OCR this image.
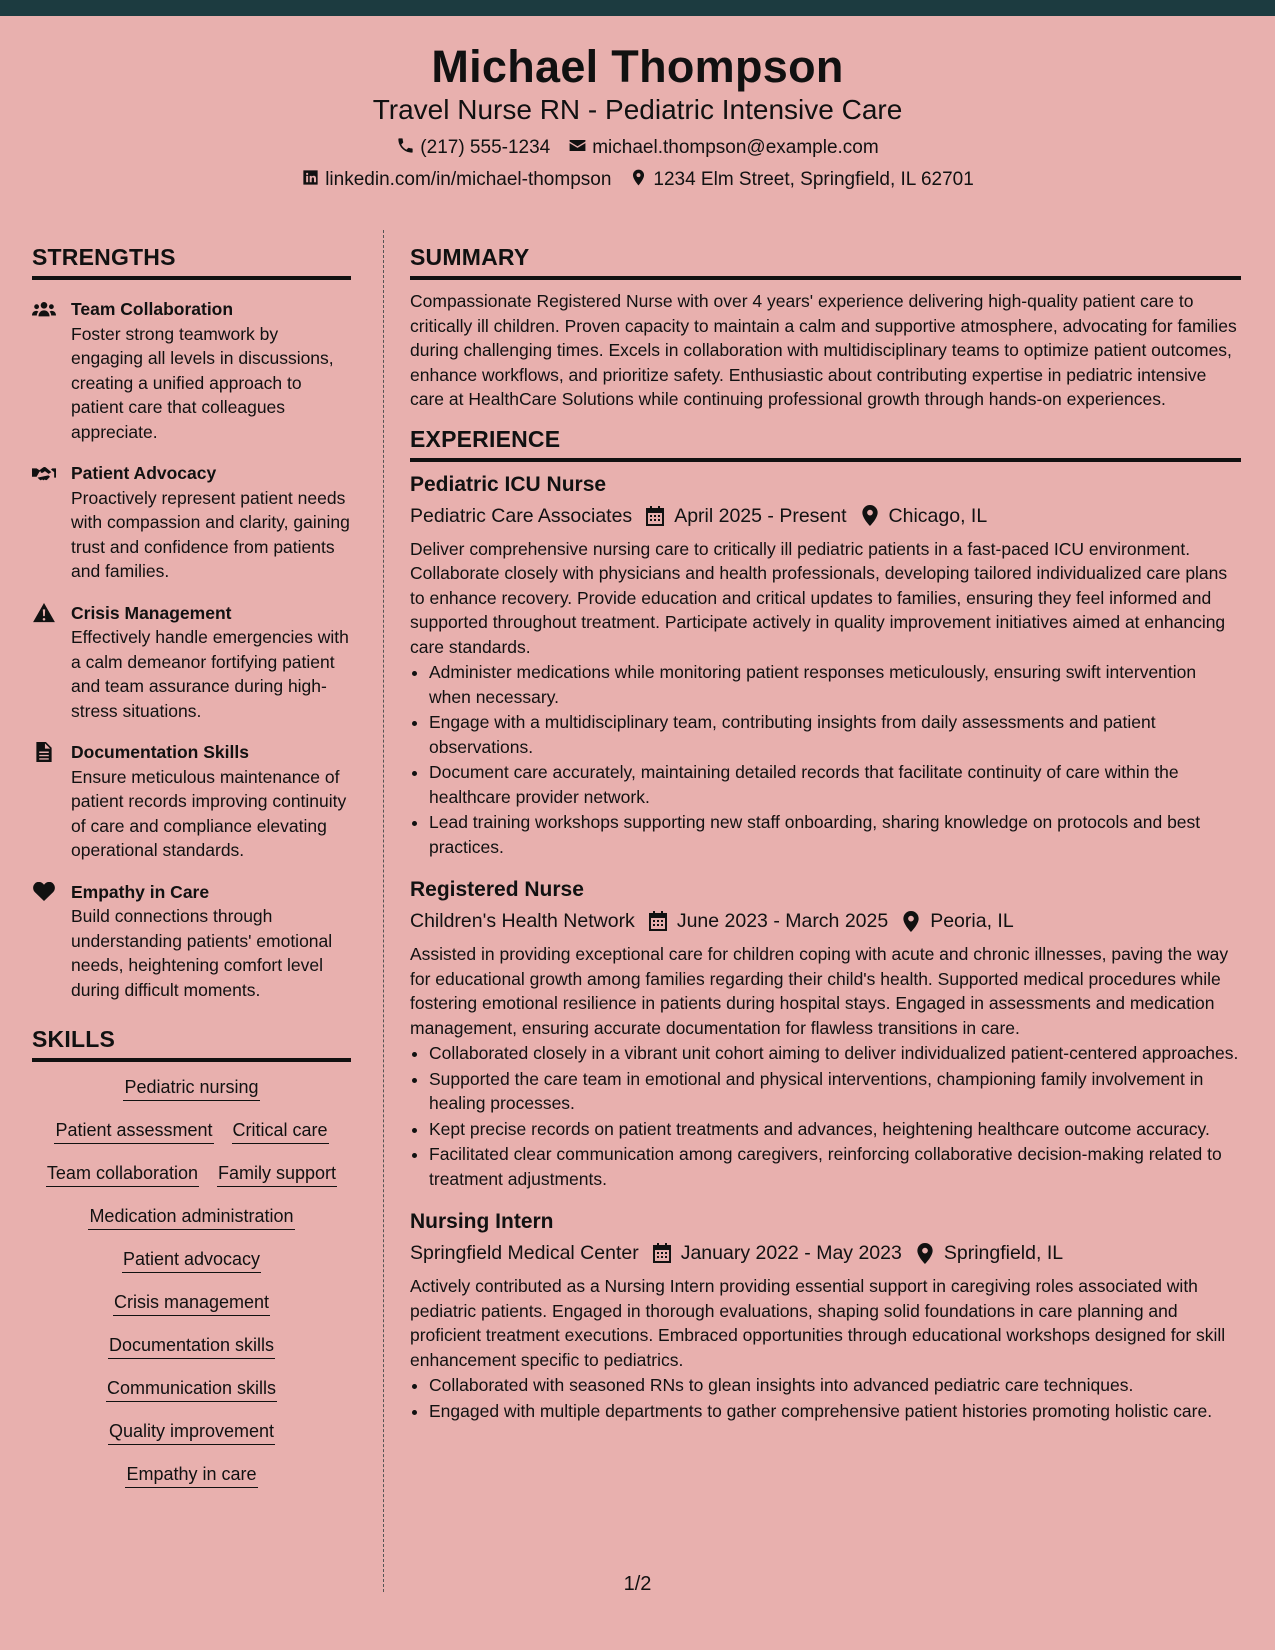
Michael Thompson
Travel Nurse RN - Pediatric Intensive Care
(217) 555-1234 michael.thompson@example.com
linkedin.com/in/michael-thompson 1234 Elm Street, Springfield, IL 62701
STRENGTHS
Team Collaboration
Foster strong teamwork by engaging all levels in discussions, creating a unified approach to patient care that colleagues appreciate.
Patient Advocacy
Proactively represent patient needs with compassion and clarity, gaining trust and confidence from patients and families.
Crisis Management
Effectively handle emergencies with a calm demeanor fortifying patient and team assurance during high-stress situations.
Documentation Skills
Ensure meticulous maintenance of patient records improving continuity of care and compliance elevating operational standards.
Empathy in Care
Build connections through understanding patients' emotional needs, heightening comfort level during difficult moments.
SKILLS
Pediatric nursing
Patient assessment Critical care
Team collaboration Family support
Medication administration
Patient advocacy
Crisis management
Documentation skills
Communication skills
Quality improvement
Empathy in care
SUMMARY
Compassionate Registered Nurse with over 4 years' experience delivering high-quality patient care to critically ill children. Proven capacity to maintain a calm and supportive atmosphere, advocating for families during challenging times. Excels in collaboration with multidisciplinary teams to optimize patient outcomes, enhance workflows, and prioritize safety. Enthusiastic about contributing expertise in pediatric intensive care at HealthCare Solutions while continuing professional growth through hands-on experiences.
EXPERIENCE
Pediatric ICU Nurse
Pediatric Care Associates April 2025 - Present Chicago, IL
Deliver comprehensive nursing care to critically ill pediatric patients in a fast-paced ICU environment. Collaborate closely with physicians and health professionals, developing tailored individualized care plans to enhance recovery. Provide education and critical updates to families, ensuring they feel informed and supported throughout treatment. Participate actively in quality improvement initiatives aimed at enhancing care standards.
• Administer medications while monitoring patient responses meticulously, ensuring swift intervention when necessary.
• Engage with a multidisciplinary team, contributing insights from daily assessments and patient observations.
• Document care accurately, maintaining detailed records that facilitate continuity of care within the healthcare provider network.
• Lead training workshops supporting new staff onboarding, sharing knowledge on protocols and best practices.
Registered Nurse
Children's Health Network June 2023 - March 2025 Peoria, IL
Assisted in providing exceptional care for children coping with acute and chronic illnesses, paving the way for educational growth among families regarding their child's health. Supported medical procedures while fostering emotional resilience in patients during hospital stays. Engaged in assessments and medication management, ensuring accurate documentation for flawless transitions in care.
• Collaborated closely in a vibrant unit cohort aiming to deliver individualized patient-centered approaches.
• Supported the care team in emotional and physical interventions, championing family involvement in healing processes.
• Kept precise records on patient treatments and advances, heightening healthcare outcome accuracy.
• Facilitated clear communication among caregivers, reinforcing collaborative decision-making related to treatment adjustments.
Nursing Intern
Springfield Medical Center January 2022 - May 2023 Springfield, IL
Actively contributed as a Nursing Intern providing essential support in caregiving roles associated with pediatric patients. Engaged in thorough evaluations, shaping solid foundations in care planning and proficient treatment executions. Embraced opportunities through educational workshops designed for skill enhancement specific to pediatrics.
• Collaborated with seasoned RNs to glean insights into advanced pediatric care techniques.
• Engaged with multiple departments to gather comprehensive patient histories promoting holistic care.
1/2
